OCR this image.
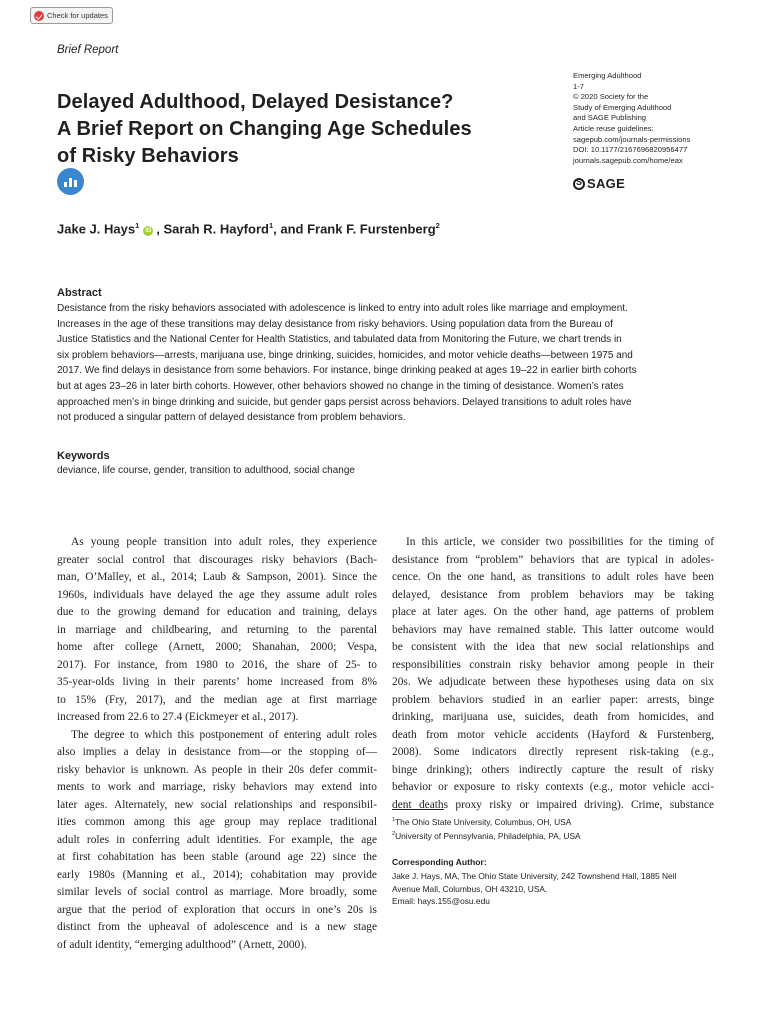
Check for updates
Brief Report
Delayed Adulthood, Delayed Desistance?
A Brief Report on Changing Age Schedules
of Risky Behaviors
Emerging Adulthood
1-7
© 2020 Society for the
Study of Emerging Adulthood
and SAGE Publishing
Article reuse guidelines:
sagepub.com/journals-permissions
DOI: 10.1177/2167696820956477
journals.sagepub.com/home/eax
S
SAGE
Jake J. Hays$^1$iD , Sarah R. Hayford$^1$, and Frank F. Furstenberg$^2$
Abstract
Desistance from the risky behaviors associated with adolescence is linked to entry into adult roles like marriage and employment.
Increases in the age of these transitions may delay desistance from risky behaviors. Using population data from the Bureau of
Justice Statistics and the National Center for Health Statistics, and tabulated data from Monitoring the Future, we chart trends in
six problem behaviors—arrests, marijuana use, binge drinking, suicides, homicides, and motor vehicle deaths—between 1975 and
2017. We find delays in desistance from some behaviors. For instance, binge drinking peaked at ages 19–22 in earlier birth cohorts
but at ages 23–26 in later birth cohorts. However, other behaviors showed no change in the timing of desistance. Women’s rates
approached men’s in binge drinking and suicide, but gender gaps persist across behaviors. Delayed transitions to adult roles have
not produced a singular pattern of delayed desistance from problem behaviors.
Keywords
deviance, life course, gender, transition to adulthood, social change
As young people transition into adult roles, they experience
greater social control that discourages risky behaviors (Bach-
man, O’Malley, et al., 2014; Laub & Sampson, 2001). Since the
1960s, individuals have delayed the age they assume adult roles
due to the growing demand for education and training, delays
in marriage and childbearing, and returning to the parental
home after college (Arnett, 2000; Shanahan, 2000; Vespa,
2017). For instance, from 1980 to 2016, the share of 25- to
35-year-olds living in their parents’ home increased from 8%
to 15% (Fry, 2017), and the median age at first marriage
increased from 22.6 to 27.4 (Eickmeyer et al., 2017).
The degree to which this postponement of entering adult roles
also implies a delay in desistance from—or the stopping of—
risky behavior is unknown. As people in their 20s defer commit-
ments to work and marriage, risky behaviors may extend into
later ages. Alternately, new social relationships and responsibil-
ities common among this age group may replace traditional
adult roles in conferring adult identities. For example, the age
at first cohabitation has been stable (around age 22) since the
early 1980s (Manning et al., 2014); cohabitation may provide
similar levels of social control as marriage. More broadly, some
argue that the period of exploration that occurs in one’s 20s is
distinct from the upheaval of adolescence and is a new stage
of adult identity, “emerging adulthood” (Arnett, 2000).
In this article, we consider two possibilities for the timing of
desistance from “problem” behaviors that are typical in adoles-
cence. On the one hand, as transitions to adult roles have been
delayed, desistance from problem behaviors may be taking
place at later ages. On the other hand, age patterns of problem
behaviors may have remained stable. This latter outcome would
be consistent with the idea that new social relationships and
responsibilities constrain risky behavior among people in their
20s. We adjudicate between these hypotheses using data on six
problem behaviors studied in an earlier paper: arrests, binge
drinking, marijuana use, suicides, death from homicides, and
death from motor vehicle accidents (Hayford & Furstenberg,
2008). Some indicators directly represent risk-taking (e.g.,
binge drinking); others indirectly capture the result of risky
behavior or exposure to risky contexts (e.g., motor vehicle acci-
dent deaths proxy risky or impaired driving). Crime, substance
$^1$The Ohio State University, Columbus, OH, USA
$^2$University of Pennsylvania, Philadelphia, PA, USA
Corresponding Author:
Jake J. Hays, MA, The Ohio State University, 242 Townshend Hall, 1885 Neil
Avenue Mall, Columbus, OH 43210, USA.
Email: hays.155@osu.edu
